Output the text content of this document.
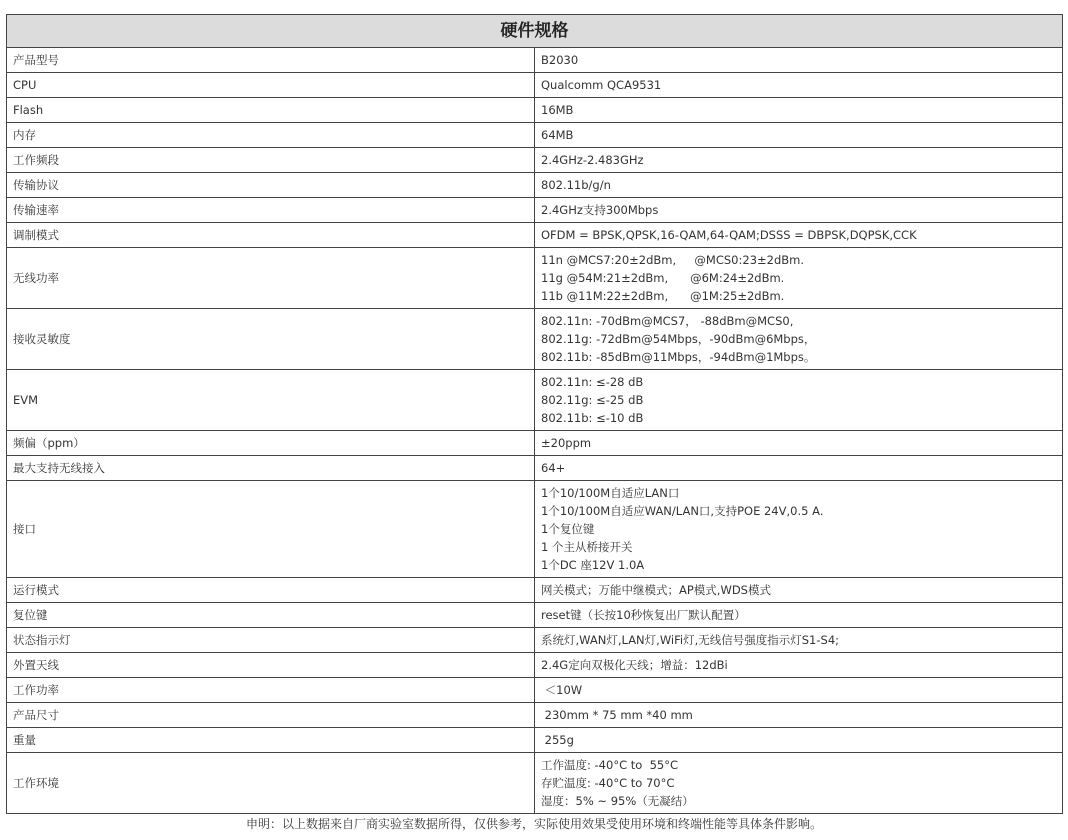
硬件规格	
产品型号	B2030

CPU	Qualcomm QCA9531

Flash	16MB

内存	64MB

工作频段	2.4GHz-2.483GHz

传输协议	802.11b/g/n

传输速率	2.4GHz支持300Mbps

调制模式	OFDM = BPSK,QPSK,16-QAM,64-QAM;DSSS = DBPSK,DQPSK,CCK

无线功率	11n @MCS7:20±2dBm,     @MCS0:23±2dBm.
11g @54M:21±2dBm,      @6M:24±2dBm.
11b @11M:22±2dBm,      @1M:25±2dBm.

接收灵敏度	802.11n: -70dBm@MCS7， -88dBm@MCS0,
802.11g: -72dBm@54Mbps，-90dBm@6Mbps，
802.11b: -85dBm@11Mbps，-94dBm@1Mbps。

EVM	802.11n: ≤-28 dB
802.11g: ≤-25 dB
802.11b: ≤-10 dB

频偏（ppm）	±20ppm

最大支持无线接入	64+

接口	1个10/100M自适应LAN口
1个10/100M自适应WAN/LAN口,支持POE 24V,0.5 A.
1个复位键
1 个主从桥接开关
1个DC 座12V 1.0A

运行模式	网关模式；万能中继模式；AP模式,WDS模式

复位键	reset键（长按10秒恢复出厂默认配置）

状态指示灯	系统灯,WAN灯,LAN灯,WiFi灯,无线信号强度指示灯S1-S4;

外置天线	2.4G定向双极化天线；增益：12dBi

工作功率	＜10W

产品尺寸	230mm * 75 mm *40 mm

重量	255g

工作环境	工作温度: -40°C to  55°C
存贮温度: -40°C to 70°C
湿度：5% ~ 95%（无凝结）
申明：以上数据来自厂商实验室数据所得，仅供参考，实际使用效果受使用环境和终端性能等具体条件影响。
